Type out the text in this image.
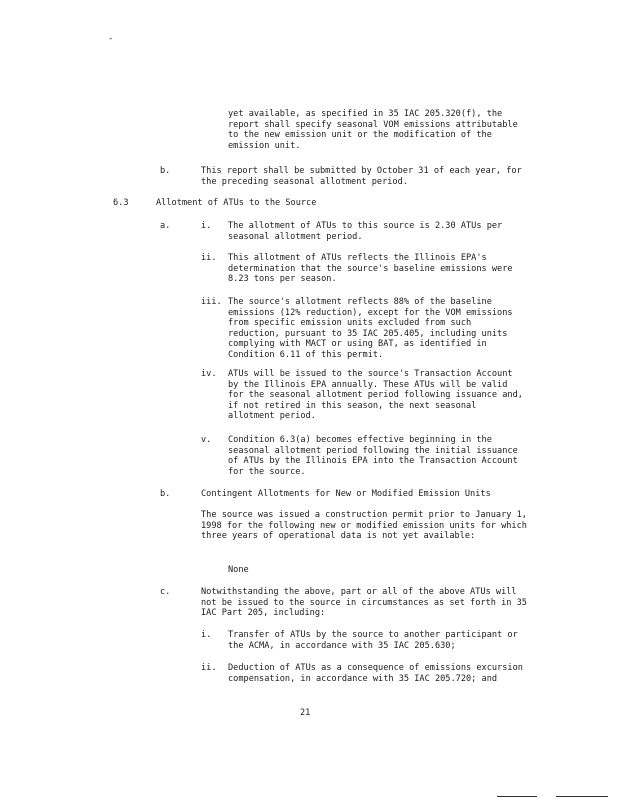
-
yet available, as specified in 35 IAC 205.320(f), the report shall specify seasonal VOM emissions attributable to the new emission unit or the modification of the emission unit.
b.	This report shall be submitted by October 31 of each year, for the preceding seasonal allotment period.
6.3	Allotment of ATUs to the Source
a.	i. The allotment of ATUs to this source is 2.30 ATUs per seasonal allotment period.
ii. This allotment of ATUs reflects the Illinois EPA's determination that the source's baseline emissions were 8.23 tons per season.
iii. The source's allotment reflects 88% of the baseline emissions (12% reduction), except for the VOM emissions from specific emission units excluded from such reduction, pursuant to 35 IAC 205.405, including units complying with MACT or using BAT, as identified in Condition 6.11 of this permit.
iv. ATUs will be issued to the source's Transaction Account by the Illinois EPA annually. These ATUs will be valid for the seasonal allotment period following issuance and, if not retired in this season, the next seasonal allotment period.
v. Condition 6.3(a) becomes effective beginning in the seasonal allotment period following the initial issuance of ATUs by the Illinois EPA into the Transaction Account for the source.
b.	Contingent Allotments for New or Modified Emission Units
The source was issued a construction permit prior to January 1, 1998 for the following new or modified emission units for which three years of operational data is not yet available:
None
c.	Notwithstanding the above, part or all of the above ATUs will not be issued to the source in circumstances as set forth in 35 IAC Part 205, including:
i. Transfer of ATUs by the source to another participant or the ACMA, in accordance with 35 IAC 205.630;
ii. Deduction of ATUs as a consequence of emissions excursion compensation, in accordance with 35 IAC 205.720; and
21
